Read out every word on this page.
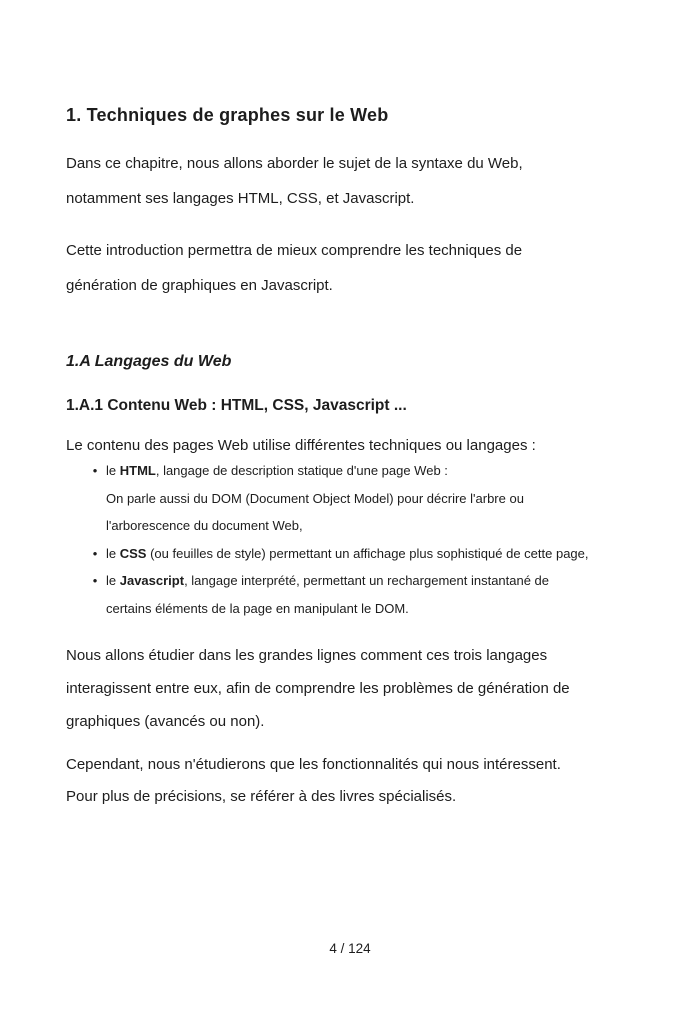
1. Techniques de graphes sur le Web
Dans ce chapitre, nous allons aborder le sujet de la syntaxe du Web,
notamment ses langages HTML, CSS, et Javascript.
Cette introduction permettra de mieux comprendre les techniques de
génération de graphiques en Javascript.
1.A Langages du Web
1.A.1 Contenu Web : HTML, CSS, Javascript ...
Le contenu des pages Web utilise différentes techniques ou langages :
•
le HTML, langage de description statique d'une page Web :
On parle aussi du DOM (Document Object Model) pour décrire l'arbre ou
l'arborescence du document Web,
•
le CSS (ou feuilles de style) permettant un affichage plus sophistiqué de cette page,
•
le Javascript, langage interprété, permettant un rechargement instantané de
certains éléments de la page en manipulant le DOM.
Nous allons étudier dans les grandes lignes comment ces trois langages
interagissent entre eux, afin de comprendre les problèmes de génération de
graphiques (avancés ou non).
Cependant, nous n'étudierons que les fonctionnalités qui nous intéressent.
Pour plus de précisions, se référer à des livres spécialisés.
4 / 124
